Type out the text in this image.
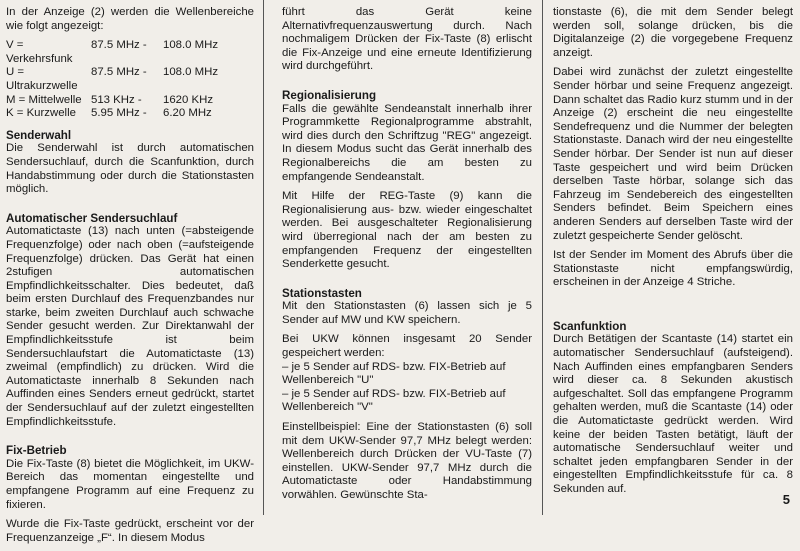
In der Anzeige (2) werden die Wellenbereiche wie folgt angezeigt:

V = Verkehrsfunk	87.5 MHz -	108.0 MHz
U = Ultrakurzwelle	87.5 MHz -	108.0 MHz
M = Mittelwelle	513 KHz -	1620 KHz
K = Kurzwelle	5.95 MHz -	6.20 MHz
Senderwahl

Die Senderwahl ist durch automatischen Sendersuchlauf, durch die Scanfunktion, durch Handabstimmung oder durch die Stationstasten möglich.

Automatischer Sendersuchlauf

Automatictaste (13) nach unten (=absteigende Frequenzfolge) oder nach oben (=aufsteigende Frequenzfolge) drücken. Das Gerät hat einen 2stufigen automatischen Empfindlichkeitsschalter. Dies bedeutet, daß beim ersten Durchlauf des Frequenzbandes nur starke, beim zweiten Durchlauf auch schwache Sender gesucht werden. Zur Direktanwahl der Empfindlichkeitsstufe ist beim Sendersuchlaufstart die Automatictaste (13) zweimal (empfindlich) zu drücken. Wird die Automatictaste innerhalb 8 Sekunden nach Auffinden eines Senders erneut gedrückt, startet der Sendersuchlauf auf der zuletzt eingestellten Empfindlichkeitsstufe.

Fix-Betrieb

Die Fix-Taste (8) bietet die Möglichkeit, im UKW-Bereich das momentan eingestellte und empfangene Programm auf eine Frequenz zu fixieren.

Wurde die Fix-Taste gedrückt, erscheint vor der Frequenzanzeige „F“. In diesem Modus

führt das Gerät keine Alternativfrequenzauswertung durch. Nach nochmaligem Drücken der Fix-Taste (8) erlischt die Fix-Anzeige und eine erneute Identifizierung wird durchgeführt.

Regionalisierung

Falls die gewählte Sendeanstalt innerhalb ihrer Programmkette Regionalprogramme abstrahlt, wird dies durch den Schriftzug "REG" angezeigt. In diesem Modus sucht das Gerät innerhalb des Regionalbereichs die am besten zu empfangende Sendeanstalt.

Mit Hilfe der REG-Taste (9) kann die Regionalisierung aus- bzw. wieder eingeschaltet werden. Bei ausgeschalteter Regionalisierung wird überregional nach der am besten zu empfangenden Frequenz der eingestellten Senderkette gesucht.

Stationstasten

Mit den Stationstasten (6) lassen sich je 5 Sender auf MW und KW speichern.

Bei UKW können insgesamt 20 Sender gespeichert werden:

– je 5 Sender auf RDS- bzw. FIX-Betrieb auf Wellenbereich "U"

– je 5 Sender auf RDS- bzw. FIX-Betrieb auf Wellenbereich "V"

Einstellbeispiel: Eine der Stationstasten (6) soll mit dem UKW-Sender 97,7 MHz belegt werden: Wellenbereich durch Drücken der VU-Taste (7) einstellen. UKW-Sender 97,7 MHz durch die Automatictaste oder Handabstimmung vorwählen. Gewünschte Sta-

tionstaste (6), die mit dem Sender belegt werden soll, solange drücken, bis die Digitalanzeige (2) die vorgegebene Frequenz anzeigt.

Dabei wird zunächst der zuletzt eingestellte Sender hörbar und seine Frequenz angezeigt. Dann schaltet das Radio kurz stumm und in der Anzeige (2) erscheint die neu eingestellte Sendefrequenz und die Nummer der belegten Stationstaste. Danach wird der neu eingestellte Sender hörbar. Der Sender ist nun auf dieser Taste gespeichert und wird beim Drücken derselben Taste hörbar, solange sich das Fahrzeug im Sendebereich des eingestellten Senders befindet. Beim Speichern eines anderen Senders auf derselben Taste wird der zuletzt gespeicherte Sender gelöscht.

Ist der Sender im Moment des Abrufs über die Stationstaste nicht empfangswürdig, erscheinen in der Anzeige 4 Striche.

Scanfunktion

Durch Betätigen der Scantaste (14) startet ein automatischer Sendersuchlauf (aufsteigend). Nach Auffinden eines empfangbaren Senders wird dieser ca. 8 Sekunden akustisch aufgeschaltet. Soll das empfangene Programm gehalten werden, muß die Scantaste (14) oder die Automatictaste gedrückt werden. Wird keine der beiden Tasten betätigt, läuft der automatische Sendersuchlauf weiter und schaltet jeden empfangbaren Sender in der eingestellten Empfindlichkeitsstufe für ca. 8 Sekunden auf.

5
